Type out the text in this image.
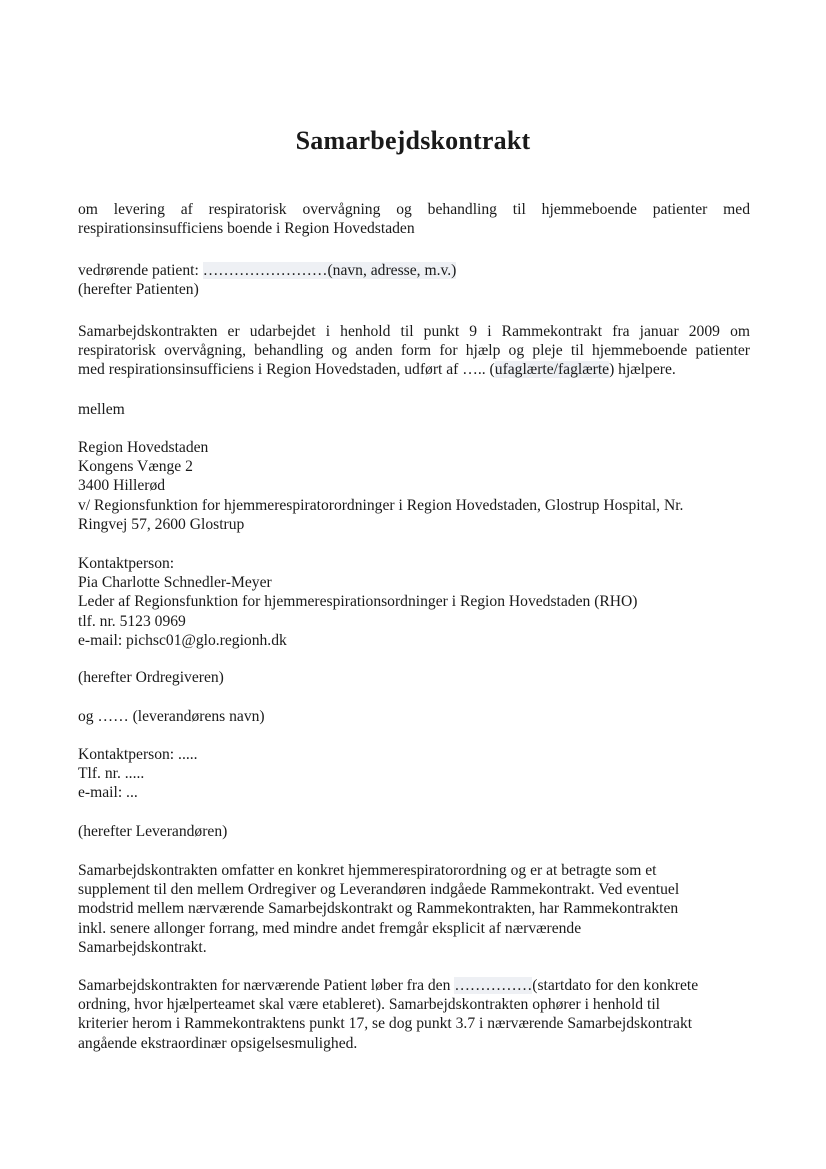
Samarbejdskontrakt
om levering af respiratorisk overvågning og behandling til hjemmeboende patienter med
respirationsinsufficiens boende i Region Hovedstaden
vedrørende patient: ……………………(navn, adresse, m.v.)
(herefter Patienten)
Samarbejdskontrakten er udarbejdet i henhold til punkt 9 i Rammekontrakt fra januar 2009 om
respiratorisk overvågning, behandling og anden form for hjælp og pleje til hjemmeboende patienter
med respirationsinsufficiens i Region Hovedstaden, udført af ….. (ufaglærte/faglærte) hjælpere.
mellem
Region Hovedstaden
Kongens Vænge 2
3400 Hillerød
v/ Regionsfunktion for hjemmerespiratorordninger i Region Hovedstaden, Glostrup Hospital, Nr.
Ringvej 57, 2600 Glostrup
Kontaktperson:
Pia Charlotte Schnedler-Meyer
Leder af Regionsfunktion for hjemmerespirationsordninger i Region Hovedstaden (RHO)
tlf. nr. 5123 0969
e-mail: pichsc01@glo.regionh.dk
(herefter Ordregiveren)
og …… (leverandørens navn)
Kontaktperson: .....
Tlf. nr. .....
e-mail: ...
(herefter Leverandøren)
Samarbejdskontrakten omfatter en konkret hjemmerespiratorordning og er at betragte som et
supplement til den mellem Ordregiver og Leverandøren indgåede Rammekontrakt. Ved eventuel
modstrid mellem nærværende Samarbejdskontrakt og Rammekontrakten, har Rammekontrakten
inkl. senere allonger forrang, med mindre andet fremgår eksplicit af nærværende
Samarbejdskontrakt.
Samarbejdskontrakten for nærværende Patient løber fra den ……………(startdato for den konkrete
ordning, hvor hjælperteamet skal være etableret). Samarbejdskontrakten ophører i henhold til
kriterier herom i Rammekontraktens punkt 17, se dog punkt 3.7 i nærværende Samarbejdskontrakt
angående ekstraordinær opsigelsesmulighed.
